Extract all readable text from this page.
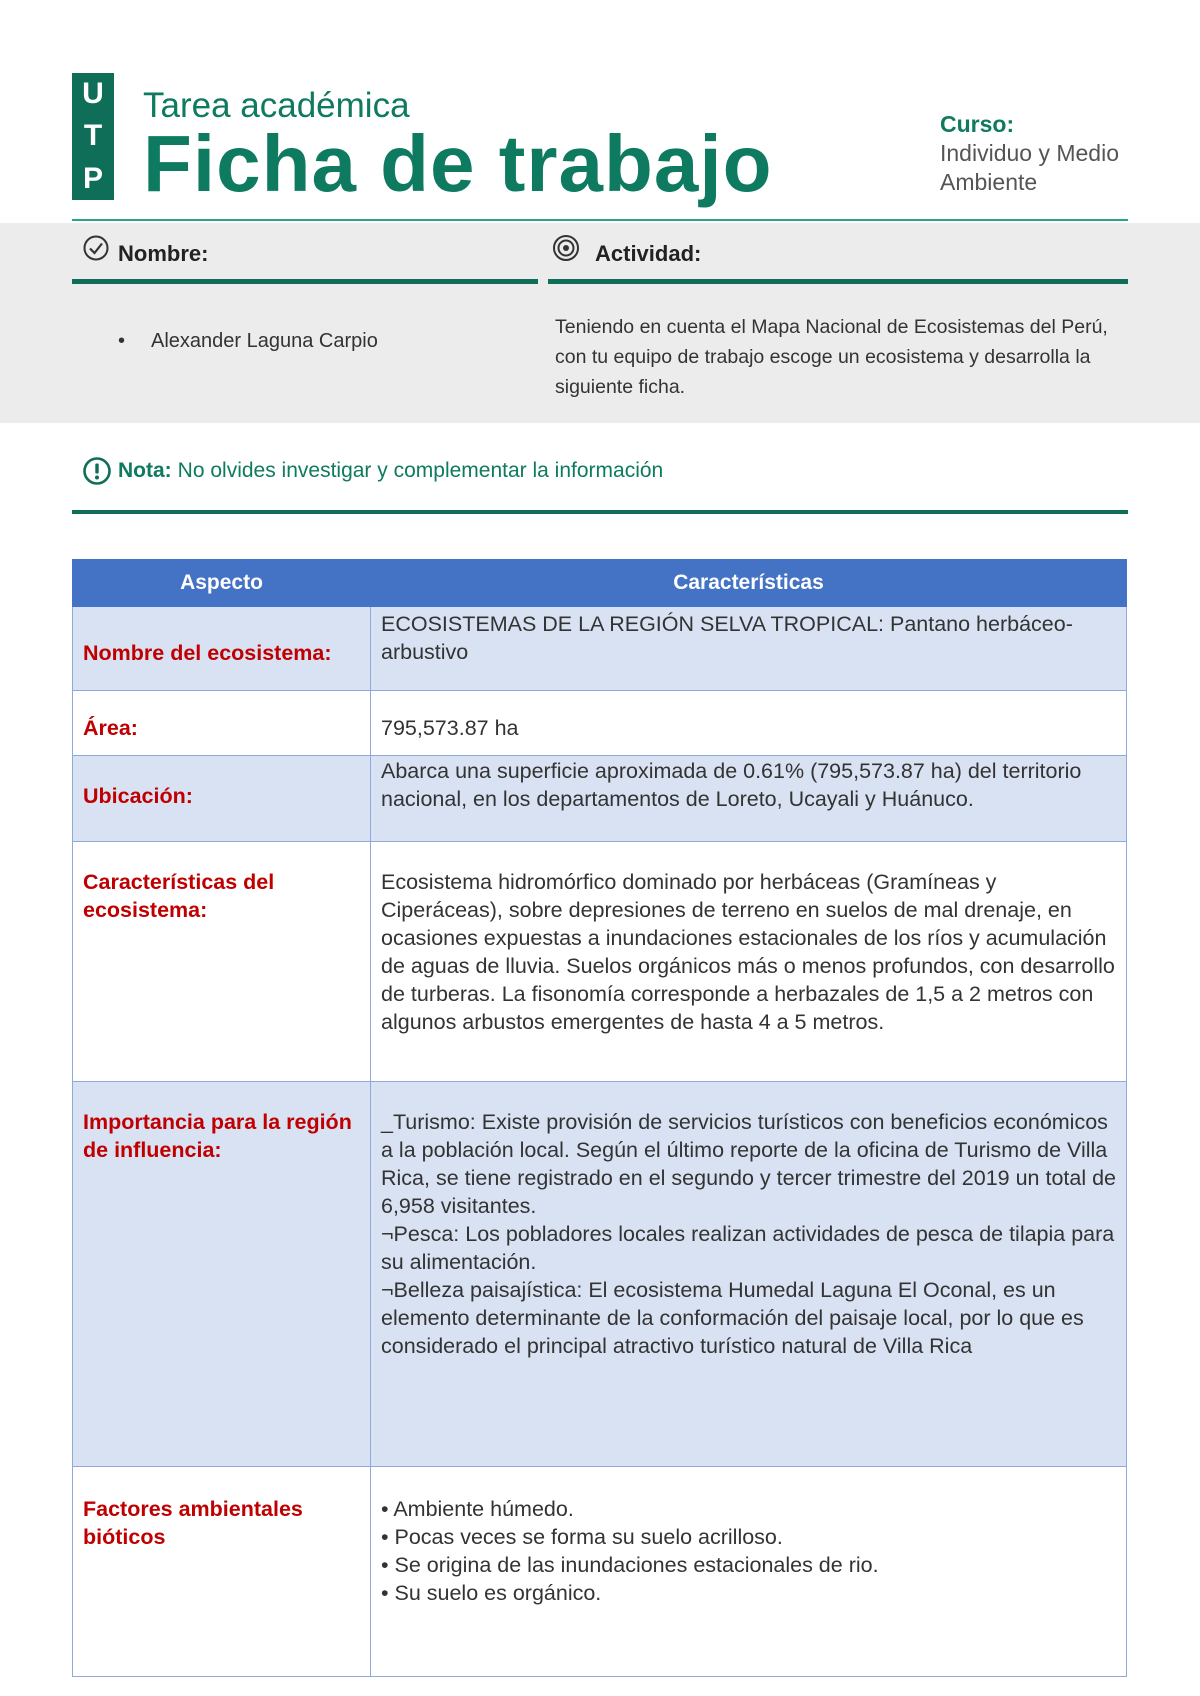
U
T
P
Tarea académica
Ficha de trabajo	Curso:
Individuo y Medio Ambiente
Nombre:	Actividad:
• Alexander Laguna Carpio
Teniendo en cuenta el Mapa Nacional de Ecosistemas del Perú, con tu equipo de trabajo escoge un ecosistema y desarrolla la siguiente ficha.
Nota: No olvides investigar y complementar la información
Aspecto	Características
Nombre del ecosistema:	ECOSISTEMAS DE LA REGIÓN SELVA TROPICAL: Pantano herbáceo-arbustivo
Área:	795,573.87 ha
Ubicación:	Abarca una superficie aproximada de 0.61% (795,573.87 ha) del territorio nacional, en los departamentos de Loreto, Ucayali y Huánuco.
Características del ecosistema:	Ecosistema hidromórfico dominado por herbáceas (Gramíneas y Ciperáceas), sobre depresiones de terreno en suelos de mal drenaje, en ocasiones expuestas a inundaciones estacionales de los ríos y acumulación de aguas de lluvia. Suelos orgánicos más o menos profundos, con desarrollo de turberas. La fisonomía corresponde a herbazales de 1,5 a 2 metros con algunos arbustos emergentes de hasta 4 a 5 metros.
Importancia para la región de influencia:	_Turismo: Existe provisión de servicios turísticos con beneficios económicos a la población local. Según el último reporte de la oficina de Turismo de Villa Rica, se tiene registrado en el segundo y tercer trimestre del 2019 un total de 6,958 visitantes.
¬Pesca: Los pobladores locales realizan actividades de pesca de tilapia para su alimentación.
¬Belleza paisajística: El ecosistema Humedal Laguna El Oconal, es un elemento determinante de la conformación del paisaje local, por lo que es considerado el principal atractivo turístico natural de Villa Rica
Factores ambientales bióticos	• Ambiente húmedo.
• Pocas veces se forma su suelo acrilloso.
• Se origina de las inundaciones estacionales de rio.
• Su suelo es orgánico.
